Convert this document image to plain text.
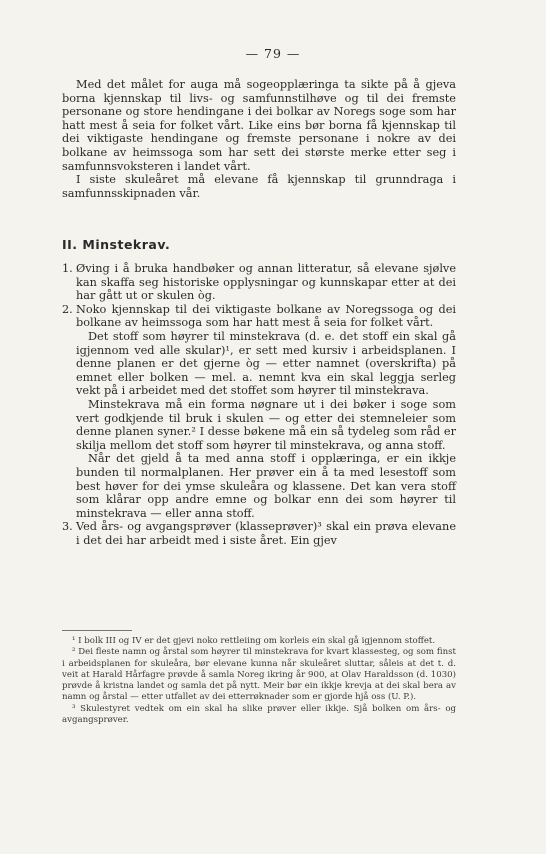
— 79 —

Med det målet for auga må sogeopplæringa ta sikte på å gjeva borna kjennskap til livs- og samfunnstilhøve og til dei fremste personane og store hendingane i dei bolkar av Noregs soge som har hatt mest å seia for folket vårt. Like eins bør borna få kjennskap til dei viktigaste hendingane og fremste personane i nokre av dei bolkane av heimssoga som har sett dei største merke etter seg i samfunnsvoksteren i landet vårt.

I siste skuleåret må elevane få kjennskap til grunndraga i samfunnsskipnaden vår.

II. Minstekrav.
1. Øving i å bruka handbøker og annan litteratur, så elevane sjølve kan skaffa seg historiske opplysningar og kunnskapar etter at dei har gått ut or skulen òg.

2. Noko kjennskap til dei viktigaste bolkane av Noregssoga og dei bolkane av heimssoga som har hatt mest å seia for folket vårt.

Det stoff som høyrer til minstekrava (d. e. det stoff ein skal gå igjennom ved alle skular)¹, er sett med kursiv i arbeidsplanen. I denne planen er det gjerne òg — etter namnet (overskrifta) på emnet eller bolken — mel. a. nemnt kva ein skal leggja serleg vekt på i arbeidet med det stoffet som høyrer til minstekrava.

Minstekrava må ein forma nøgnare ut i dei bøker i soge som vert godkjende til bruk i skulen — og etter dei stemneleier som denne planen syner.² I desse bøkene må ein så tydeleg som råd er skilja mellom det stoff som høyrer til minstekrava, og anna stoff.

Når det gjeld å ta med anna stoff i opplæringa, er ein ikkje bunden til normalplanen. Her prøver ein å ta med lesestoff som best høver for dei ymse skuleåra og klassene. Det kan vera stoff som klårar opp andre emne og bolkar enn dei som høyrer til minstekrava — eller anna stoff.

3. Ved års- og avgangsprøver (klasseprøver)³ skal ein prøva elevane i det dei har arbeidt med i siste året. Ein gjev

¹ I bolk III og IV er det gjevi noko rettleiing om korleis ein skal gå igjennom stoffet.

² Dei fleste namn og årstal som høyrer til minstekrava for kvart klassesteg, og som finst i arbeidsplanen for skuleåra, bør elevane kunna når skuleåret sluttar, såleis at det t. d. veit at Harald Hårfagre prøvde å samla Noreg ikring år 900, at Olav Haraldsson (d. 1030) prøvde å kristna landet og samla det på nytt. Meir bør ein ikkje krevja at dei skal bera av namn og årstal — etter utfallet av dei etterrøknader som er gjorde hjå oss (U. P.).

³ Skulestyret vedtek om ein skal ha slike prøver eller ikkje. Sjå bolken om års- og avgangsprøver.
